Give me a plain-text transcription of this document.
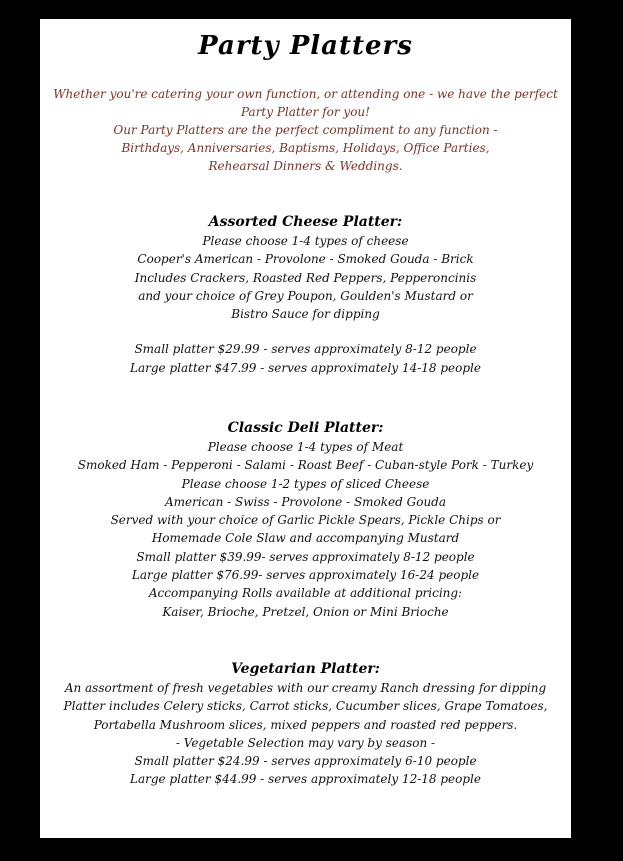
Party Platters
Whether you're catering your own function, or attending one - we have the perfect
Party Platter for you!
Our Party Platters are the perfect compliment to any function -
Birthdays, Anniversaries, Baptisms, Holidays, Office Parties,
Rehearsal Dinners & Weddings.
Assorted Cheese Platter:
Please choose 1-4 types of cheese
Cooper's American - Provolone - Smoked Gouda - Brick
Includes Crackers, Roasted Red Peppers, Pepperoncinis
and your choice of Grey Poupon, Goulden's Mustard or
Bistro Sauce for dipping
Small platter $29.99 - serves approximately 8-12 people
Large platter $47.99 - serves approximately 14-18 people
Classic Deli Platter:
Please choose 1-4 types of Meat
Smoked Ham - Pepperoni - Salami - Roast Beef - Cuban-style Pork - Turkey
Please choose 1-2 types of sliced Cheese
American - Swiss - Provolone - Smoked Gouda
Served with your choice of Garlic Pickle Spears, Pickle Chips or
Homemade Cole Slaw and accompanying Mustard
Small platter $39.99- serves approximately 8-12 people
Large platter $76.99- serves approximately 16-24 people
Accompanying Rolls available at additional pricing:
Kaiser, Brioche, Pretzel, Onion or Mini Brioche
Vegetarian Platter:
An assortment of fresh vegetables with our creamy Ranch dressing for dipping
Platter includes Celery sticks, Carrot sticks, Cucumber slices, Grape Tomatoes,
Portabella Mushroom slices, mixed peppers and roasted red peppers.
- Vegetable Selection may vary by season -
Small platter $24.99 - serves approximately 6-10 people
Large platter $44.99 - serves approximately 12-18 people
